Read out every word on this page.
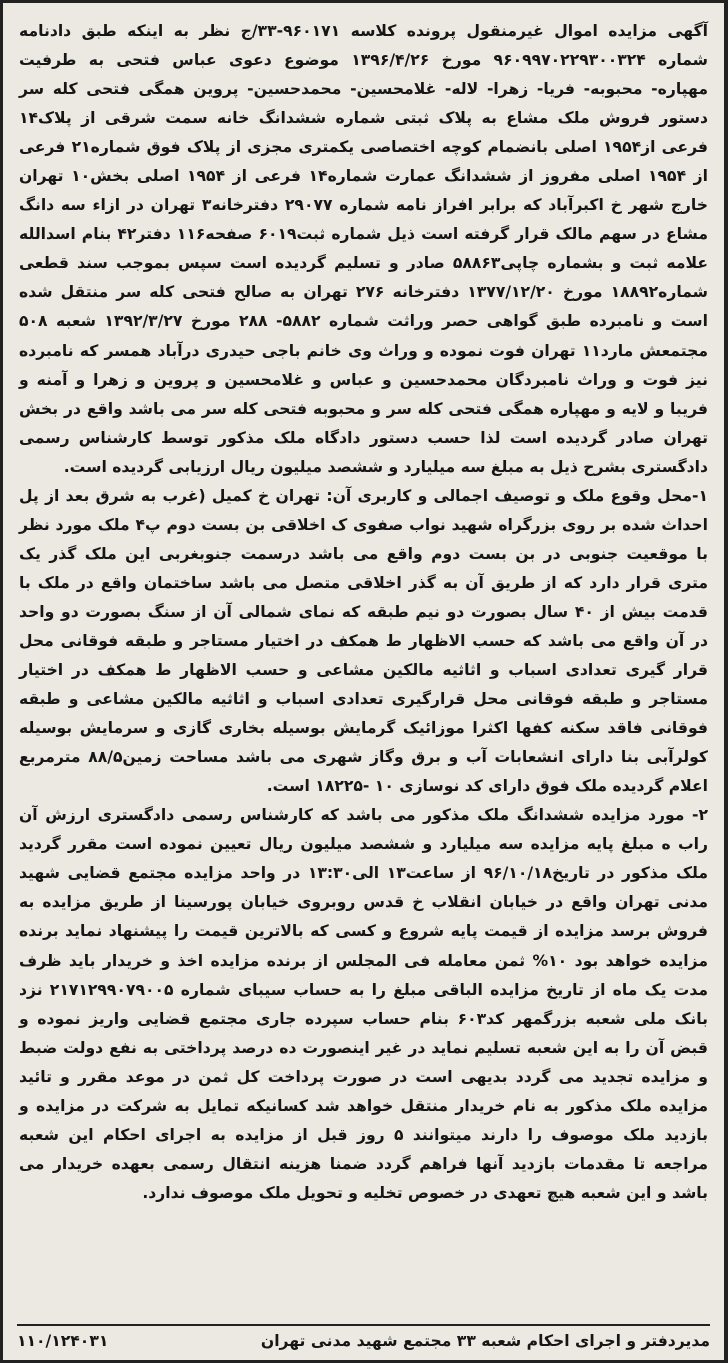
آگهی مزایده اموال غیرمنقول پرونده کلاسه ۹۶۰۱۷۱-۳۳/ج نظر به اینکه طبق دادنامه شماره ۹۶۰۹۹۷۰۲۲۹۳۰۰۳۲۴ مورخ ۱۳۹۶/۴/۲۶ موضوع دعوی عباس فتحی به طرفیت مهپاره- محبوبه- فریا- زهرا- لاله- غلامحسین- محمدحسین- پروین همگی فتحی کله سر دستور فروش ملک مشاع به پلاک ثبتی شماره ششدانگ خانه سمت شرقی از پلاک۱۴ فرعی از۱۹۵۴ اصلی بانضمام کوچه اختصاصی یکمتری مجزی از پلاک فوق شماره۲۱ فرعی از ۱۹۵۴ اصلی مفروز از ششدانگ عمارت شماره۱۴ فرعی از ۱۹۵۴ اصلی بخش۱۰ تهران خارج شهر خ اکبرآباد که برابر افراز نامه شماره ۲۹۰۷۷ دفترخانه۳ تهران در ازاء سه دانگ مشاع در سهم مالک قرار گرفته است ذیل شماره ثبت۶۰۱۹ صفحه۱۱۶ دفتر۴۲ بنام اسدالله علامه ثبت و بشماره چاپی۵۸۸۶۳ صادر و تسلیم گردیده است سپس بموجب سند قطعی شماره۱۸۸۹۲ مورخ ۱۳۷۷/۱۲/۲۰ دفترخانه ۲۷۶ تهران به صالح فتحی کله سر منتقل شده است و نامبرده طبق گواهی حصر وراثت شماره ۵۸۸۲- ۲۸۸ مورخ ۱۳۹۲/۳/۲۷ شعبه ۵۰۸ مجتمعش مارد۱۱ تهران فوت نموده و وراث وی خانم باجی حیدری درآباد همسر که نامبرده نیز فوت و وراث نامبردگان محمدحسین و عباس و غلامحسین و پروین و زهرا و آمنه و فریبا و لایه و مهپاره همگی فتحی کله سر و محبوبه فتحی کله سر می باشد واقع در بخش تهران صادر گردیده است لذا حسب دستور دادگاه ملک مذکور توسط کارشناس رسمی دادگستری بشرح ذیل به مبلغ سه میلیارد و ششصد میلیون ریال ارزیابی گردیده است.

۱-محل وقوع ملک و توصیف اجمالی و کاربری آن: تهران خ کمیل (غرب به شرق بعد از پل احداث شده بر روی بزرگراه شهید نواب صفوی ک اخلاقی بن بست دوم پ۴ ملک مورد نظر با موقعیت جنوبی در بن بست دوم واقع می باشد درسمت جنوبغربی این ملک گذر یک متری قرار دارد که از طریق آن به گذر اخلاقی متصل می باشد ساختمان واقع در ملک با قدمت بیش از ۴۰ سال بصورت دو نیم طبقه که نمای شمالی آن از سنگ بصورت دو واحد در آن واقع می باشد که حسب الاظهار ط همکف در اختیار مستاجر و طبقه فوقانی محل قرار گیری تعدادی اسباب و اثاثیه مالکین مشاعی و حسب الاظهار ط همکف در اختیار مستاجر و طبقه فوقانی محل قرارگیری تعدادی اسباب و اثاثیه مالکین مشاعی و طبقه فوقانی فاقد سکنه کفها اکثرا موزائیک گرمایش بوسیله بخاری گازی و سرمایش بوسیله کولرآبی بنا دارای انشعابات آب و برق وگاز شهری می باشد مساحت زمین۸۸/۵ مترمربع اعلام گردیده ملک فوق دارای کد نوسازی ۱۰ -۱۸۲۲۵ است.

۲- مورد مزایده ششدانگ ملک مذکور می باشد که کارشناس رسمی دادگستری ارزش آن راب ه مبلغ پایه مزایده سه میلیارد و ششصد میلیون ریال تعیین نموده است مقرر گردید ملک مذکور در تاریخ۹۶/۱۰/۱۸ از ساعت۱۳ الی۱۳:۳۰ در واحد مزایده مجتمع قضایی شهید مدنی تهران واقع در خیابان انقلاب خ قدس روبروی خیابان پورسینا از طریق مزایده به فروش برسد مزایده از قیمت پایه شروع و کسی که بالاترین قیمت را پیشنهاد نماید برنده مزایده خواهد بود ۱۰% ثمن معامله فی المجلس از برنده مزایده اخذ و خریدار باید ظرف مدت یک ماه از تاریخ مزایده الباقی مبلغ را به حساب سیبای شماره ۲۱۷۱۲۹۹۰۷۹۰۰۵ نزد بانک ملی شعبه بزرگمهر کد۶۰۳ بنام حساب سپرده جاری مجتمع قضایی واریز نموده و قبض آن را به این شعبه تسلیم نماید در غیر اینصورت ده درصد پرداختی به نفع دولت ضبط و مزایده تجدید می گردد بدیهی است در صورت پرداخت کل ثمن در موعد مقرر و تائید مزایده ملک مذکور به نام خریدار منتقل خواهد شد کسانیکه تمایل به شرکت در مزایده و بازدید ملک موصوف را دارند میتوانند ۵ روز قبل از مزایده به اجرای احکام این شعبه مراجعه تا مقدمات بازدید آنها فراهم گردد ضمنا هزینه انتقال رسمی بعهده خریدار می باشد و این شعبه هیچ تعهدی در خصوص تخلیه و تحویل ملک موصوف ندارد.

مدیردفتر و اجرای احکام شعبه ۳۳ مجتمع شهید مدنی تهران
۱۱۰/۱۲۴۰۳۱
